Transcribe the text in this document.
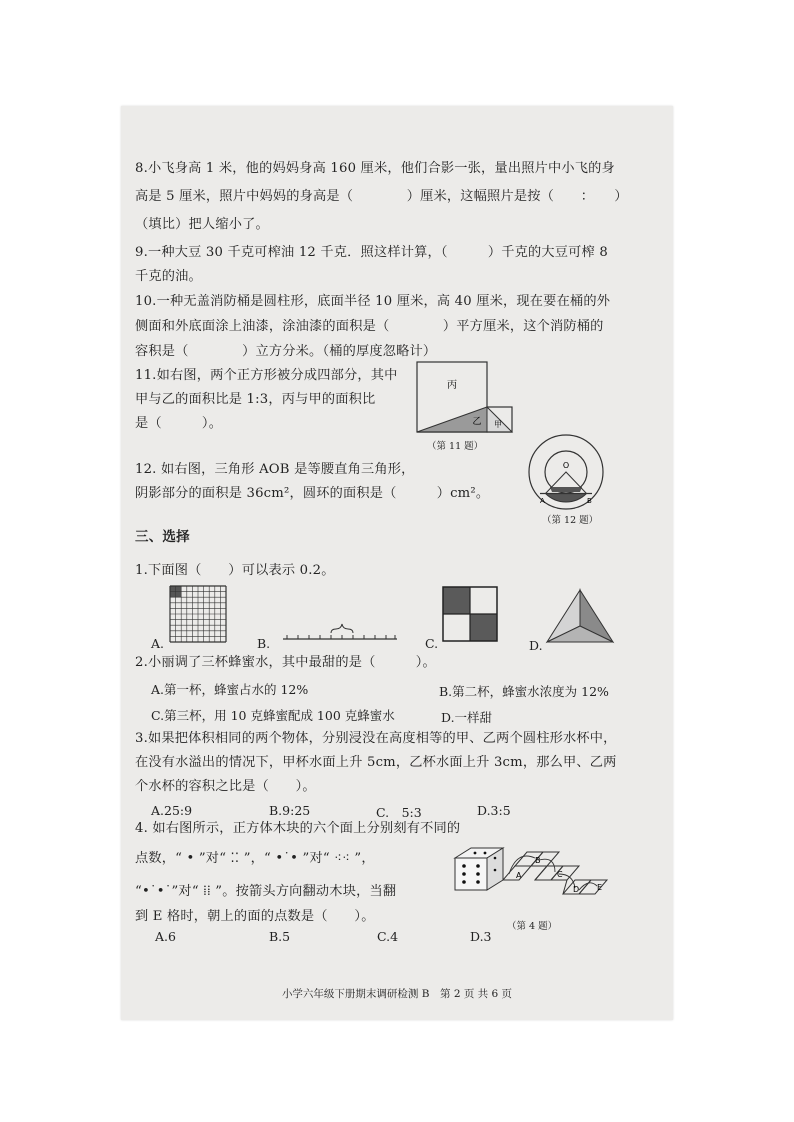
8.小飞身高 1 米，他的妈妈身高 160 厘米，他们合影一张，量出照片中小飞的身
高是 5 厘米，照片中妈妈的身高是（　　　　）厘米，这幅照片是按（　　：　　）
（填比）把人缩小了。
9.一种大豆 30 千克可榨油 12 千克．照这样计算，（　　　）千克的大豆可榨 8
千克的油。
10.一种无盖消防桶是圆柱形，底面半径 10 厘米，高 40 厘米，现在要在桶的外
侧面和外底面涂上油漆，涂油漆的面积是（　　　　）平方厘米，这个消防桶的
容积是（　　　　）立方分米。（桶的厚度忽略计）
11.如右图，两个正方形被分成四部分，其中
甲与乙的面积比是 1:3，丙与甲的面积比
是（　　　）。
丙
乙 甲
（第 11 题）
12. 如右图，三角形 AOB 是等腰直角三角形，
阴影部分的面积是 36cm²，圆环的面积是（　　　）cm²。
O
A	B
（第 12 题）
三、选择
1.下面图（　　）可以表示 0.2。
A.	B.	C.	D.
2.小丽调了三杯蜂蜜水，其中最甜的是（　　　）。
A.第一杯，蜂蜜占水的 12%	B.第二杯，蜂蜜水浓度为 12%
C.第三杯，用 10 克蜂蜜配成 100 克蜂蜜水	D.一样甜
3.如果把体积相同的两个物体，分别浸没在高度相等的甲、乙两个圆柱形水杯中，
在没有水溢出的情况下，甲杯水面上升 5cm，乙杯水面上升 3cm，那么甲、乙两
个水杯的容积之比是（　　）。
A.25:9	B.9:25	C.　5:3	D.3:5
4. 如右图所示，正方体木块的六个面上分别刻有不同的
点数，“ • ”对“ ⁚⁚ ”，“ •˙• ”对“ ⁖⁖ ”，
“•˙•˙”对“ ⁞⁞ ”。按箭头方向翻动木块，当翻
到 E 格时，朝上的面的点数是（　　）。
A.6	B.5	C.4	D.3
A
B
C
D E
（第 4 题）
小学六年级下册期末调研检测 B　第 2 页 共 6 页
